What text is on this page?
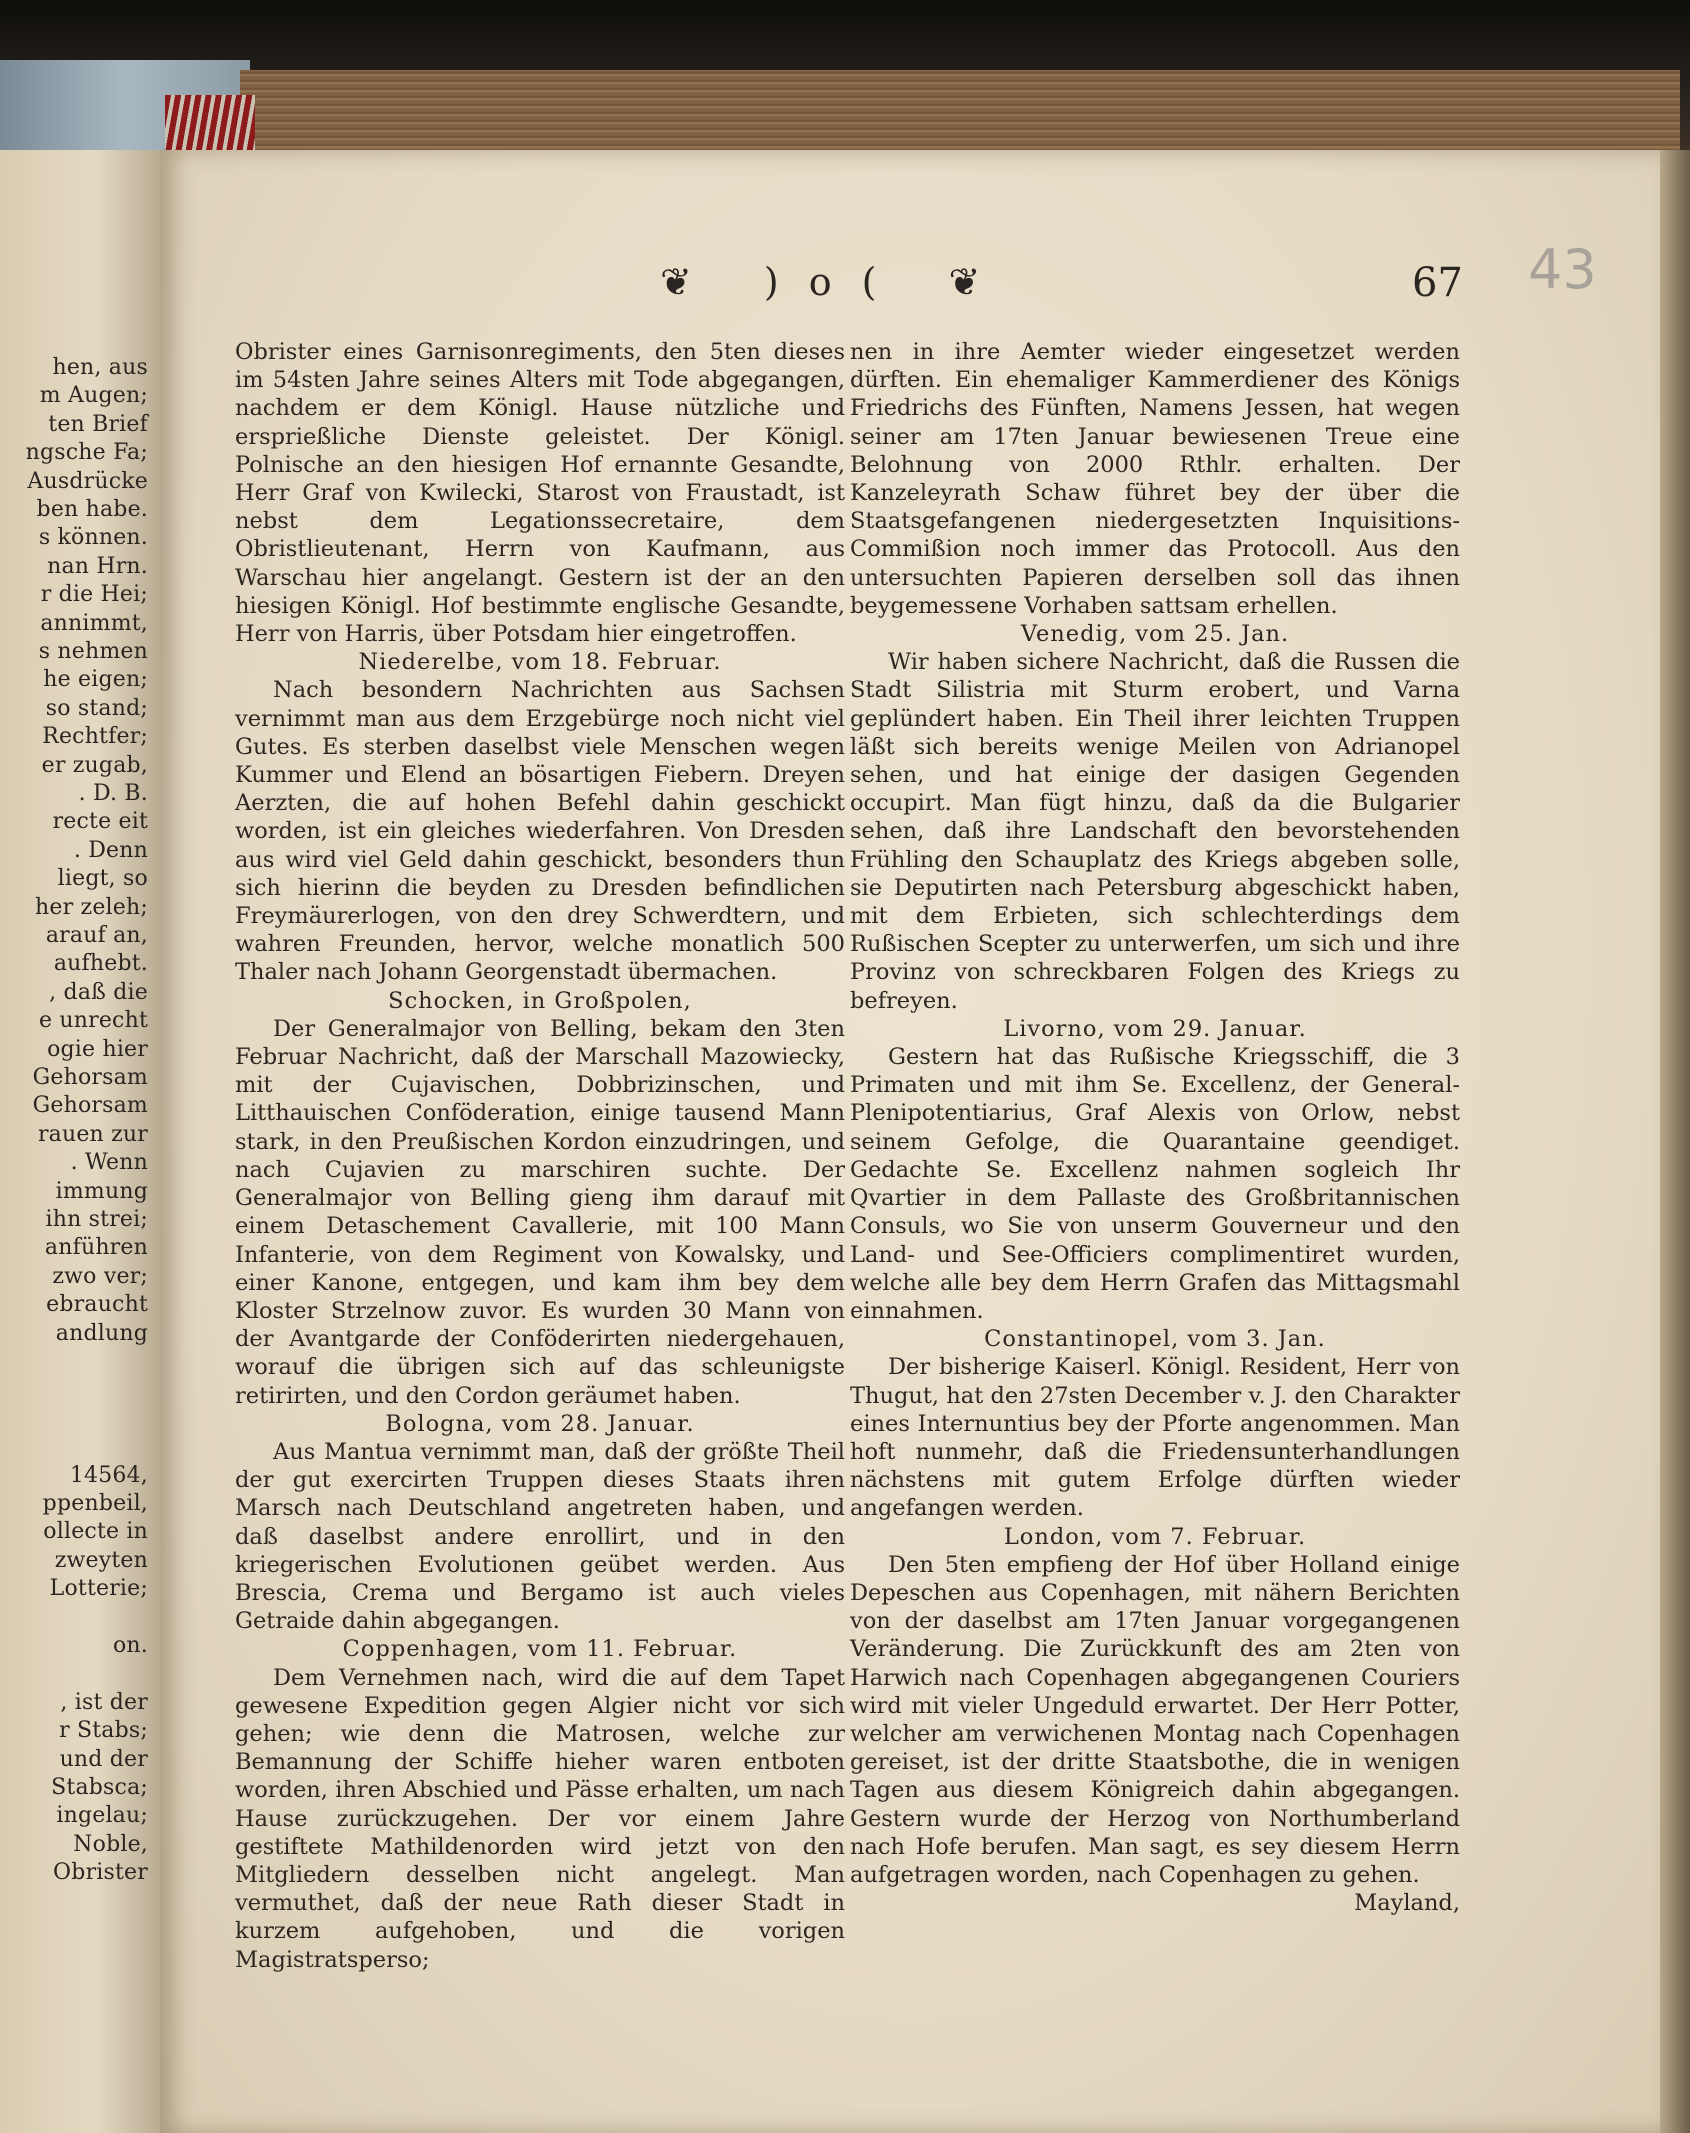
hen, aus
m Augen;
ten Brief
ngsche Fa;
Ausdrücke
ben habe.
s können.
nan Hrn.
r die Hei;
annimmt,
s nehmen
he eigen;
so stand;
Rechtfer;
er zugab,
. D. B.
recte eit
. Denn
liegt, so
her zeleh;
arauf an,
aufhebt.
, daß die
e unrecht
ogie hier
Gehorsam
Gehorsam
rauen zur
. Wenn
immung
ihn strei;
anführen
zwo ver;
ebraucht
andlung
14564,
ppenbeil,
ollecte in
zweyten
Lotterie;
on.
, ist der
r Stabs;
und der
Stabsca;
ingelau;
Noble,
Obrister
❦ )o( ❦	67 43

Obrister eines Garnisonregiments, den 5ten dieses im 54sten Jahre seines Alters mit Tode abgegangen, nachdem er dem Königl. Hause nützliche und ersprießliche Dienste geleistet. Der Königl. Polnische an den hiesigen Hof ernannte Gesandte, Herr Graf von Kwilecki, Starost von Fraustadt, ist nebst dem Legationssecretaire, dem Obristlieutenant, Herrn von Kaufmann, aus Warschau hier angelangt. Gestern ist der an den hiesigen Königl. Hof bestimmte englische Gesandte, Herr von Harris, über Potsdam hier eingetroffen.

Niederelbe, vom 18. Februar.

Nach besondern Nachrichten aus Sachsen vernimmt man aus dem Erzgebürge noch nicht viel Gutes. Es sterben daselbst viele Menschen wegen Kummer und Elend an bösartigen Fiebern. Dreyen Aerzten, die auf hohen Befehl dahin geschickt worden, ist ein gleiches wiederfahren. Von Dresden aus wird viel Geld dahin geschickt, besonders thun sich hierinn die beyden zu Dresden befindlichen Freymäurerlogen, von den drey Schwerdtern, und wahren Freunden, hervor, welche monatlich 500 Thaler nach Johann Georgenstadt übermachen.

Schocken, in Großpolen,

Der Generalmajor von Belling, bekam den 3ten Februar Nachricht, daß der Marschall Mazowiecky, mit der Cujavischen, Dobbrizinschen, und Litthauischen Conföderation, einige tausend Mann stark, in den Preußischen Kordon einzudringen, und nach Cujavien zu marschiren suchte. Der Generalmajor von Belling gieng ihm darauf mit einem Detaschement Cavallerie, mit 100 Mann Infanterie, von dem Regiment von Kowalsky, und einer Kanone, entgegen, und kam ihm bey dem Kloster Strzelnow zuvor. Es wurden 30 Mann von der Avantgarde der Conföderirten niedergehauen, worauf die übrigen sich auf das schleunigste retirirten, und den Cordon geräumet haben.

Bologna, vom 28. Januar.

Aus Mantua vernimmt man, daß der größte Theil der gut exercirten Truppen dieses Staats ihren Marsch nach Deutschland angetreten haben, und daß daselbst andere enrollirt, und in den kriegerischen Evolutionen geübet werden. Aus Brescia, Crema und Bergamo ist auch vieles Getraide dahin abgegangen.

Coppenhagen, vom 11. Februar.

Dem Vernehmen nach, wird die auf dem Tapet gewesene Expedition gegen Algier nicht vor sich gehen; wie denn die Matrosen, welche zur Bemannung der Schiffe hieher waren entboten worden, ihren Abschied und Pässe erhalten, um nach Hause zurückzugehen. Der vor einem Jahre gestiftete Mathildenorden wird jetzt von den Mitgliedern desselben nicht angelegt. Man vermuthet, daß der neue Rath dieser Stadt in kurzem aufgehoben, und die vorigen Magistratsperso;

nen in ihre Aemter wieder eingesetzet werden dürften. Ein ehemaliger Kammerdiener des Königs Friedrichs des Fünften, Namens Jessen, hat wegen seiner am 17ten Januar bewiesenen Treue eine Belohnung von 2000 Rthlr. erhalten. Der Kanzeleyrath Schaw führet bey der über die Staatsgefangenen niedergesetzten Inquisitions-Commißion noch immer das Protocoll. Aus den untersuchten Papieren derselben soll das ihnen beygemessene Vorhaben sattsam erhellen.

Venedig, vom 25. Jan.

Wir haben sichere Nachricht, daß die Russen die Stadt Silistria mit Sturm erobert, und Varna geplündert haben. Ein Theil ihrer leichten Truppen läßt sich bereits wenige Meilen von Adrianopel sehen, und hat einige der dasigen Gegenden occupirt. Man fügt hinzu, daß da die Bulgarier sehen, daß ihre Landschaft den bevorstehenden Frühling den Schauplatz des Kriegs abgeben solle, sie Deputirten nach Petersburg abgeschickt haben, mit dem Erbieten, sich schlechterdings dem Rußischen Scepter zu unterwerfen, um sich und ihre Provinz von schreckbaren Folgen des Kriegs zu befreyen.

Livorno, vom 29. Januar.

Gestern hat das Rußische Kriegsschiff, die 3 Primaten und mit ihm Se. Excellenz, der General-Plenipotentiarius, Graf Alexis von Orlow, nebst seinem Gefolge, die Quarantaine geendiget. Gedachte Se. Excellenz nahmen sogleich Ihr Qvartier in dem Pallaste des Großbritannischen Consuls, wo Sie von unserm Gouverneur und den Land- und See-Officiers complimentiret wurden, welche alle bey dem Herrn Grafen das Mittagsmahl einnahmen.

Constantinopel, vom 3. Jan.

Der bisherige Kaiserl. Königl. Resident, Herr von Thugut, hat den 27sten December v. J. den Charakter eines Internuntius bey der Pforte angenommen. Man hoft nunmehr, daß die Friedensunterhandlungen nächstens mit gutem Erfolge dürften wieder angefangen werden.

London, vom 7. Februar.

Den 5ten empfieng der Hof über Holland einige Depeschen aus Copenhagen, mit nähern Berichten von der daselbst am 17ten Januar vorgegangenen Veränderung. Die Zurückkunft des am 2ten von Harwich nach Copenhagen abgegangenen Couriers wird mit vieler Ungeduld erwartet. Der Herr Potter, welcher am verwichenen Montag nach Copenhagen gereiset, ist der dritte Staatsbothe, die in wenigen Tagen aus diesem Königreich dahin abgegangen. Gestern wurde der Herzog von Northumberland nach Hofe berufen. Man sagt, es sey diesem Herrn aufgetragen worden, nach Copenhagen zu gehen.

Mayland,
